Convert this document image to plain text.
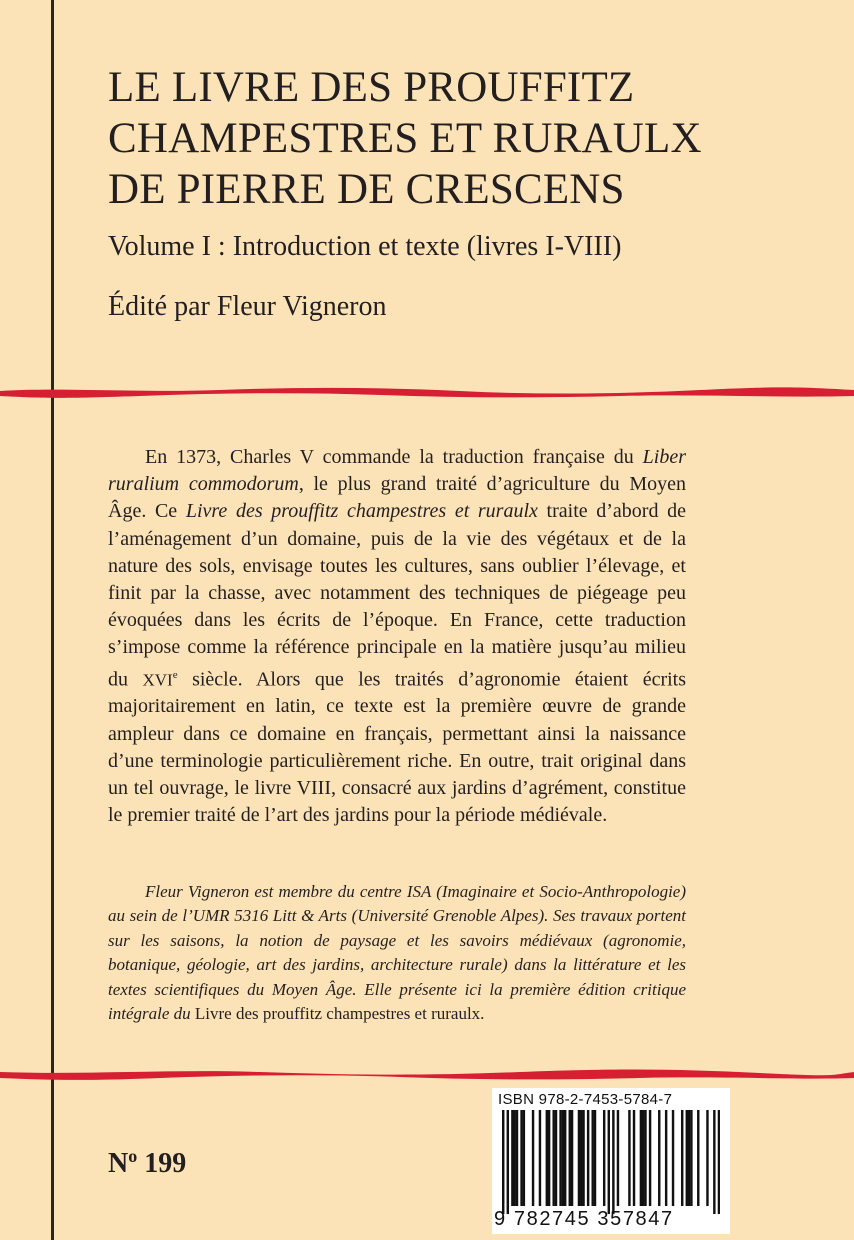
LE LIVRE DES PROUFFITZ
CHAMPESTRES ET RURAULX
DE PIERRE DE CRESCENS
Volume I : Introduction et texte (livres I-VIII)
Édité par Fleur Vigneron

En 1373, Charles V commande la traduction française du Liber ruralium commodorum, le plus grand traité d’agriculture du Moyen Âge. Ce Livre des prouffitz champestres et ruraulx traite d’abord de l’aménagement d’un domaine, puis de la vie des végétaux et de la nature des sols, envisage toutes les cultures, sans oublier l’élevage, et finit par la chasse, avec notamment des techniques de piégeage peu évoquées dans les écrits de l’époque. En France, cette traduction s’impose comme la référence principale en la matière jusqu’au milieu du XVIe siècle. Alors que les traités d’agronomie étaient écrits majoritairement en latin, ce texte est la première œuvre de grande ampleur dans ce domaine en français, permettant ainsi la naissance d’une terminologie particulièrement riche. En outre, trait original dans un tel ouvrage, le livre VIII, consacré aux jardins d’agrément, constitue le premier traité de l’art des jardins pour la période médiévale.

Fleur Vigneron est membre du centre ISA (Imaginaire et Socio-Anthropologie) au sein de l’UMR 5316 Litt & Arts (Université Grenoble Alpes). Ses travaux portent sur les saisons, la notion de paysage et les savoirs médiévaux (agronomie, botanique, géologie, art des jardins, architecture rurale) dans la littérature et les textes scientifiques du Moyen Âge. Elle présente ici la première édition critique intégrale du Livre des prouffitz champestres et ruraulx.

$N^o$ 199
ISBN 978-2-7453-5784-7
9 782745 357847
